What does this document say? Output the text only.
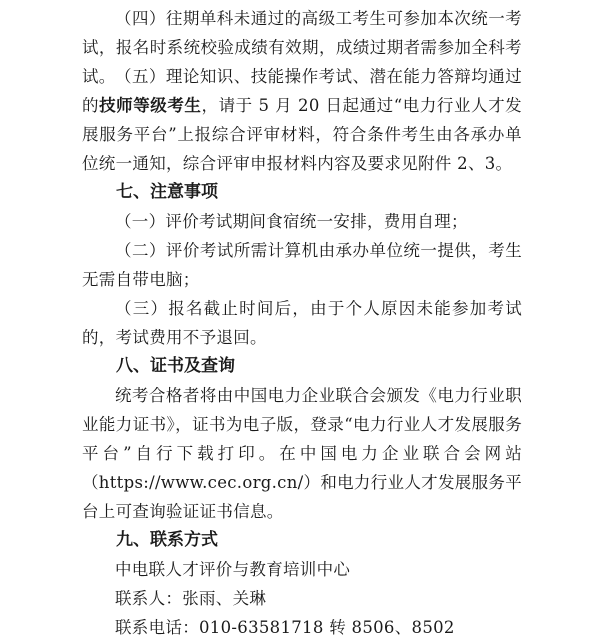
（四）往期单科未通过的高级工考生可参加本次统一考试，报名时系统校验成绩有效期，成绩过期者需参加全科考试。 （五）理论知识、技能操作考试、潜在能力答辩均通过的技师等级考生，请于 5 月 20 日起通过“电力行业人才发展服务平台”上报综合评审材料，符合条件考生由各承办单位统一通知，综合评审申报材料内容及要求见附件 2、3。

七、注意事项

（一）评价考试期间食宿统一安排，费用自理；

（二）评价考试所需计算机由承办单位统一提供，考生无需自带电脑；

（三）报名截止时间后，由于个人原因未能参加考试的，考试费用不予退回。

八、证书及查询

统考合格者将由中国电力企业联合会颁发《电力行业职业能力证书》，证书为电子版，登录“电力行业人才发展服务平台”自行下载打印。在中国电力企业联合会网站（https://www.cec.org.cn/）和电力行业人才发展服务平台上可查询验证证书信息。

九、联系方式

中电联人才评价与教育培训中心

联系人：张雨、关琳

联系电话：010-63581718 转 8506、8502
